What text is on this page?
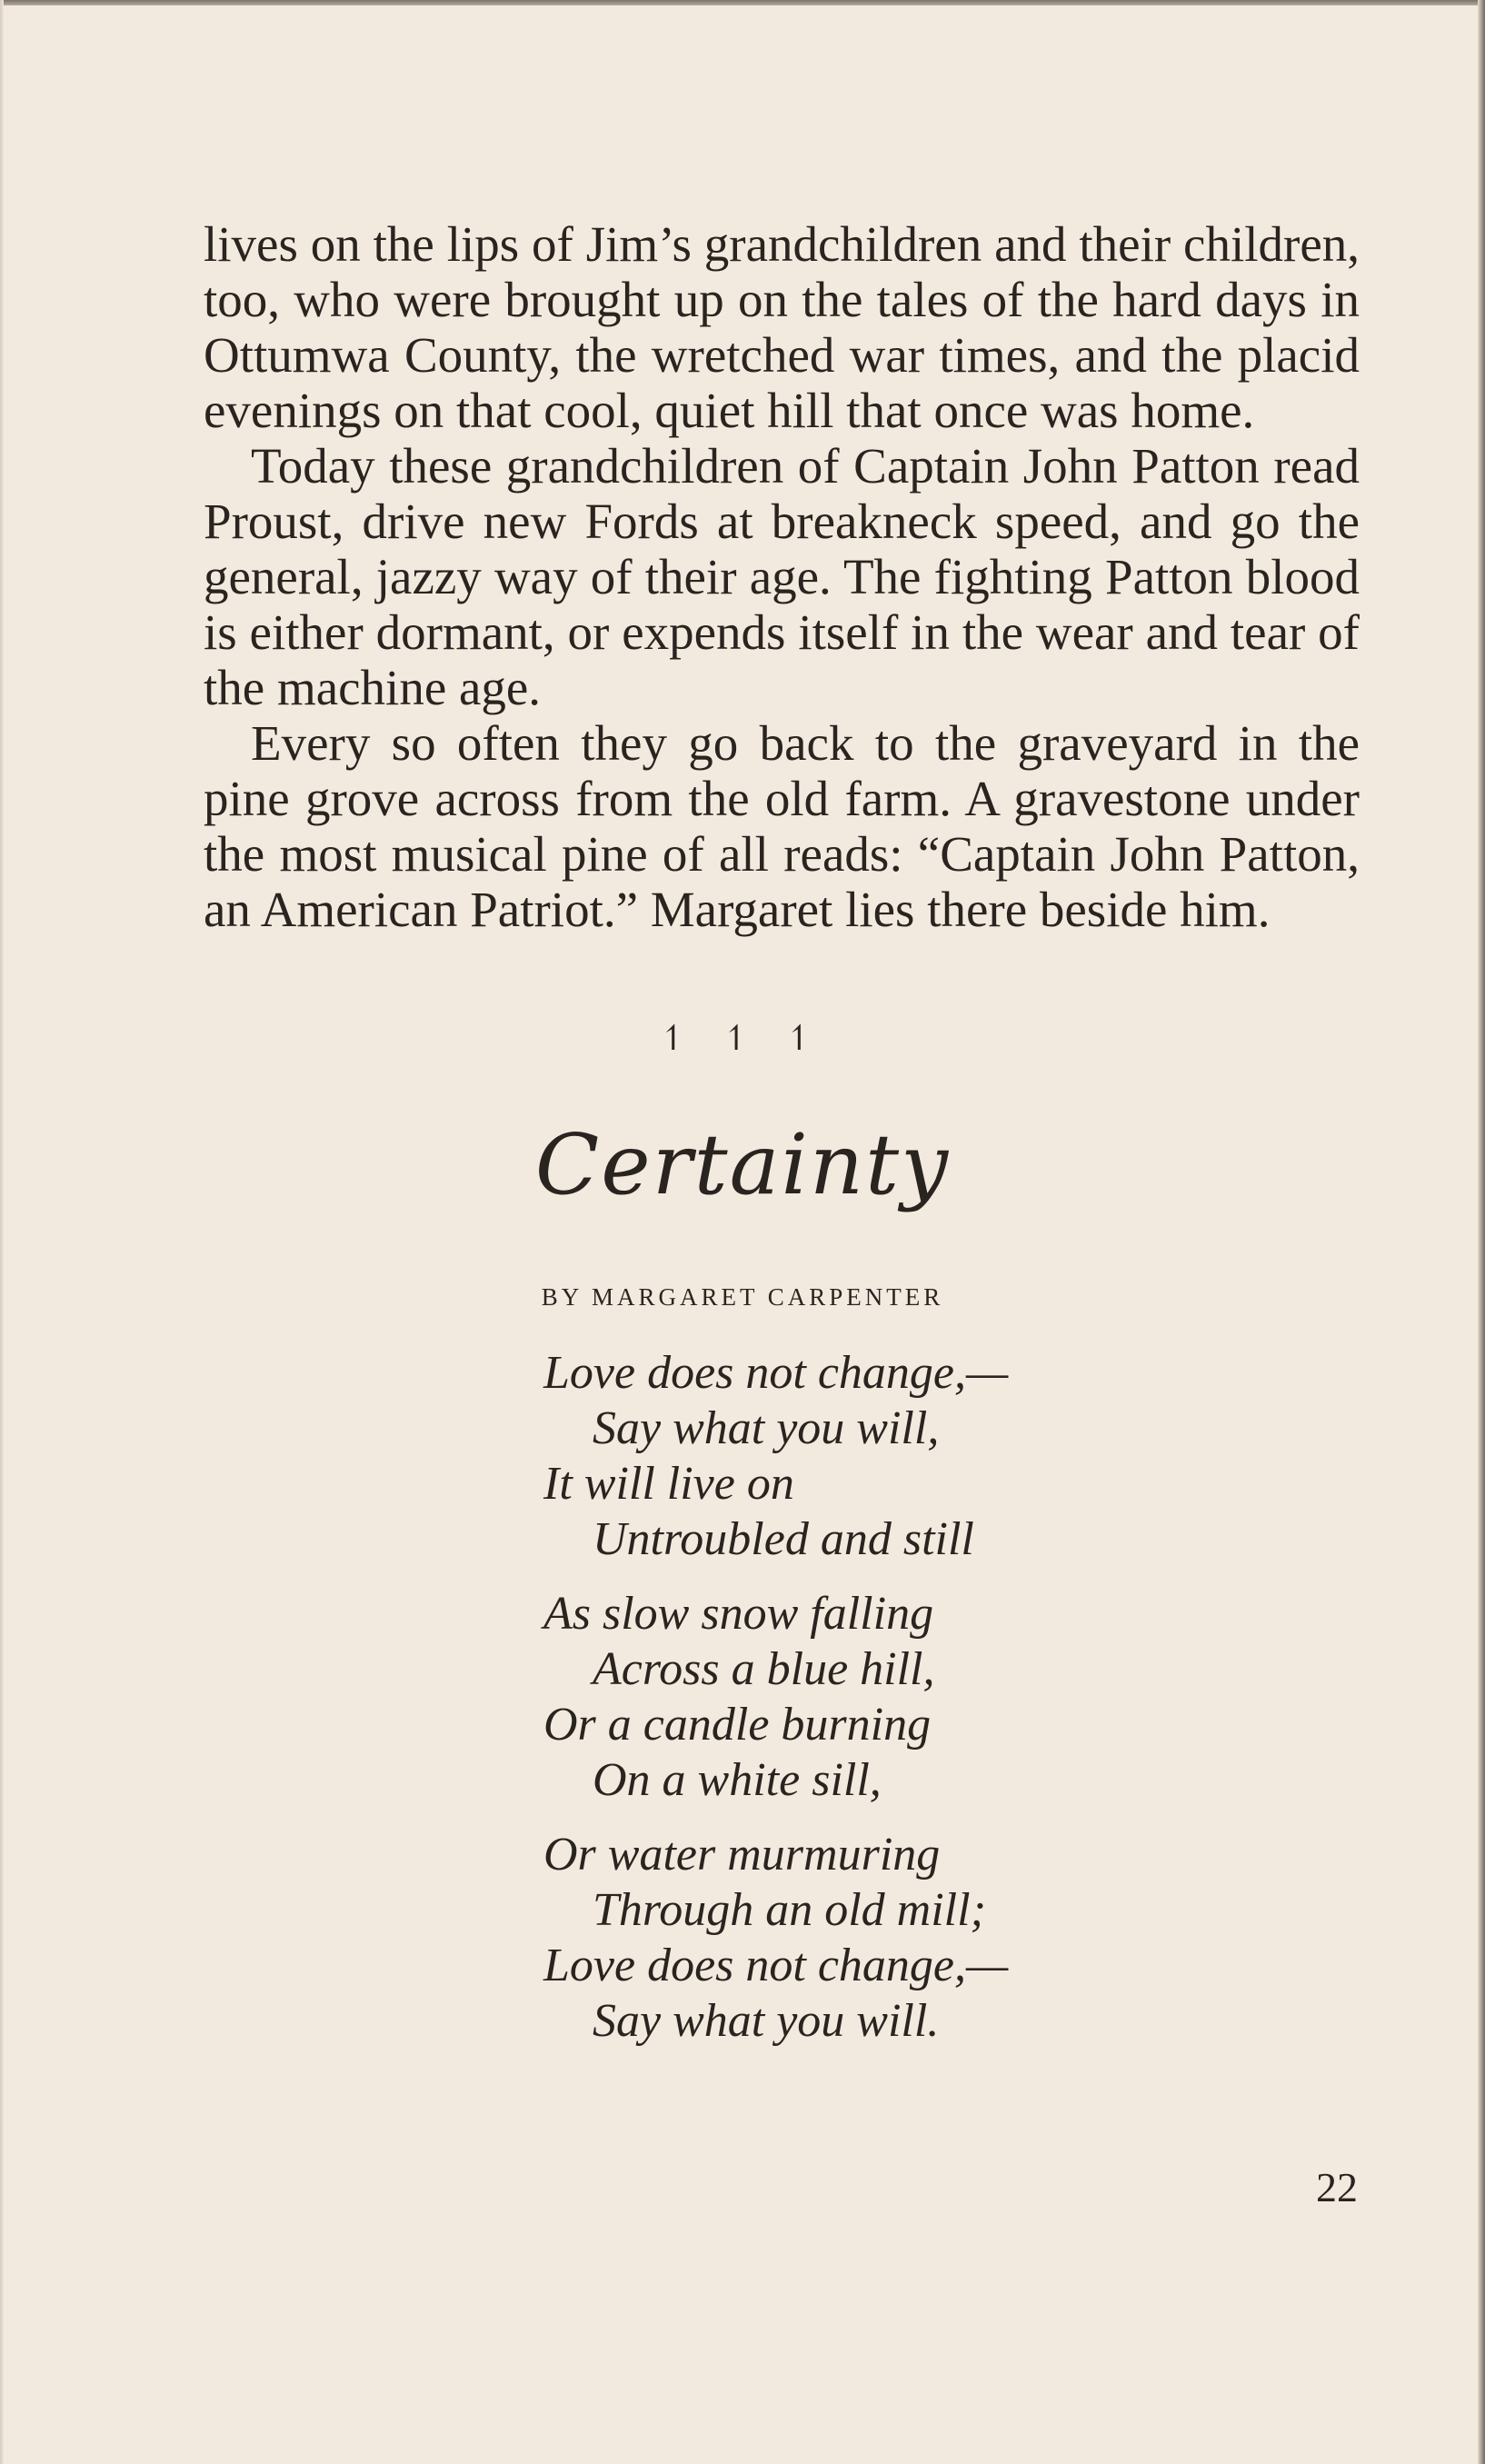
lives on the lips of Jim’s grandchildren and their children, too, who were brought up on the tales of the hard days in Ottumwa County, the wretched war times, and the placid evenings on that cool, quiet hill that once was home.

Today these grandchildren of Captain John Patton read Proust, drive new Fords at breakneck speed, and go the general, jazzy way of their age. The fighting Patton blood is either dormant, or expends itself in the wear and tear of the machine age.

Every so often they go back to the graveyard in the pine grove across from the old farm. A gravestone under the most musical pine of all reads: “Captain John Patton, an American Patriot.” Margaret lies there beside him.

↿ ↿ ↿
Certainty
BY MARGARET CARPENTER
Love does not change,—
Say what you will,
It will live on
Untroubled and still
As slow snow falling
Across a blue hill,
Or a candle burning
On a white sill,
Or water murmuring
Through an old mill;
Love does not change,—
Say what you will.
22
